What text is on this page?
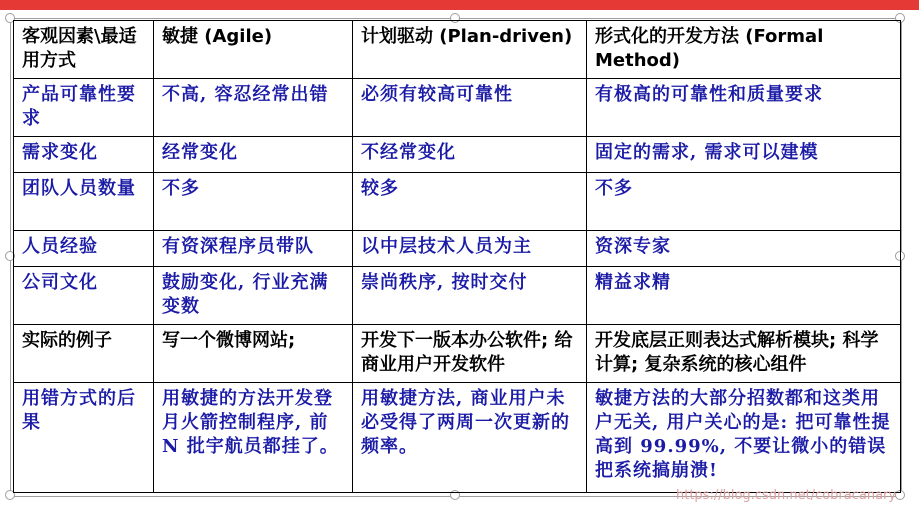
客观因素\最适用方式	敏捷 (Agile)	计划驱动 (Plan-driven)	形式化的开发方法 (Formal Method)
产品可靠性要求	不高, 容忍经常出错	必须有较高可靠性	有极高的可靠性和质量要求
需求变化	经常变化	不经常变化	固定的需求, 需求可以建模
团队人员数量	不多	较多	不多
人员经验	有资深程序员带队	以中层技术人员为主	资深专家
公司文化	鼓励变化, 行业充满变数	崇尚秩序, 按时交付	精益求精
实际的例子	写一个微博网站;	开发下一版本办公软件; 给商业用户开发软件	开发底层正则表达式解析模块; 科学计算; 复杂系统的核心组件
用错方式的后果	用敏捷的方法开发登月火箭控制程序, 前N 批宇航员都挂了。	用敏捷方法, 商业用户未必受得了两周一次更新的频率。	敏捷方法的大部分招数都和这类用户无关, 用户关心的是: 把可靠性提高到 99.99%, 不要让微小的错误把系统搞崩溃!
https://blog.csdn.net/cobracanary
